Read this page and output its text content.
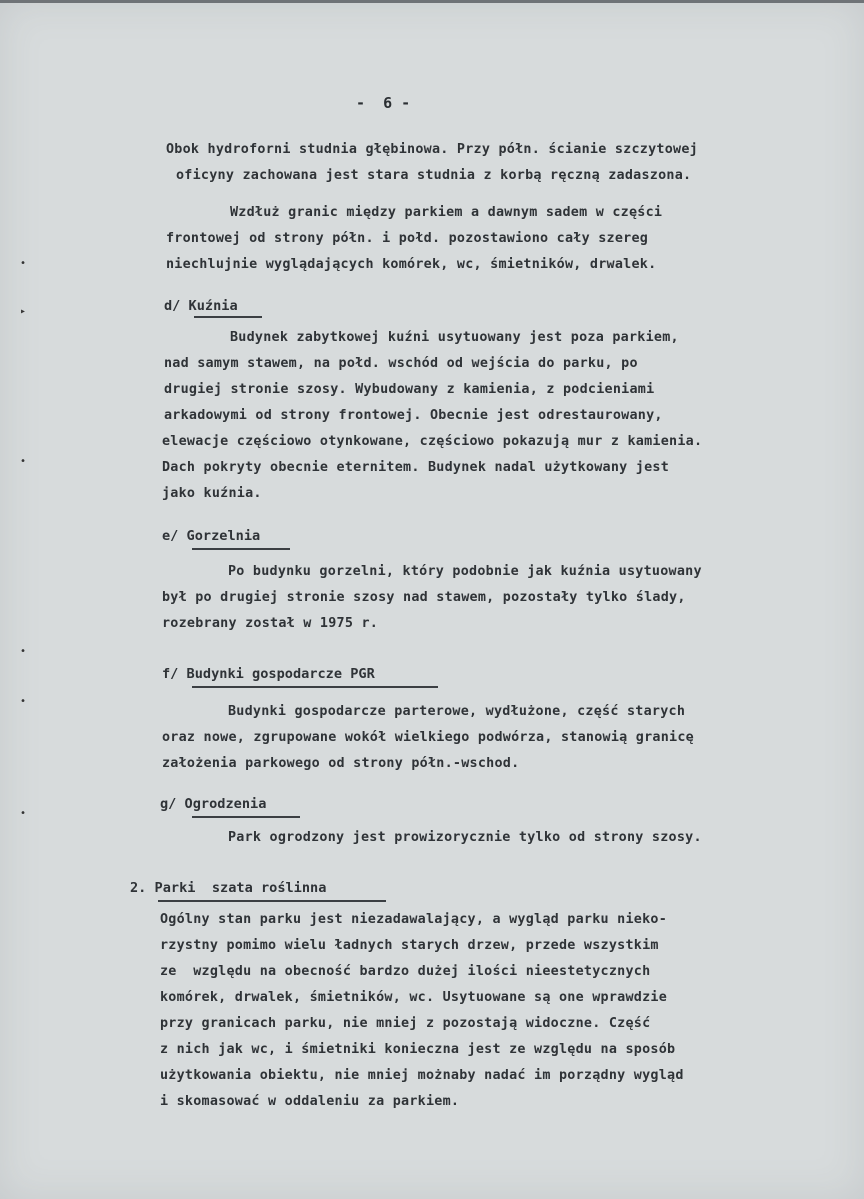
-  6 -
Obok hydroforni studnia głębinowa. Przy półn. ścianie szczytowej
oficyny zachowana jest stara studnia z korbą ręczną zadaszona.
Wzdłuż granic między parkiem a dawnym sadem w części
frontowej od strony półn. i połd. pozostawiono cały szereg
niechlujnie wyglądających komórek, wc, śmietników, drwalek.
d/ Kuźnia
Budynek zabytkowej kuźni usytuowany jest poza parkiem,
nad samym stawem, na połd. wschód od wejścia do parku, po
drugiej stronie szosy. Wybudowany z kamienia, z podcieniami
arkadowymi od strony frontowej. Obecnie jest odrestaurowany,
elewacje częściowo otynkowane, częściowo pokazują mur z kamienia.
Dach pokryty obecnie eternitem. Budynek nadal użytkowany jest
jako kuźnia.
e/ Gorzelnia
Po budynku gorzelni, który podobnie jak kuźnia usytuowany
był po drugiej stronie szosy nad stawem, pozostały tylko ślady,
rozebrany został w 1975 r.
f/ Budynki gospodarcze PGR
Budynki gospodarcze parterowe, wydłużone, część starych
oraz nowe, zgrupowane wokół wielkiego podwórza, stanowią granicę
założenia parkowego od strony półn.-wschod.
g/ Ogrodzenia
Park ogrodzony jest prowizorycznie tylko od strony szosy.
2. Parki  szata roślinna
Ogólny stan parku jest niezadawalający, a wygląd parku nieko-
rzystny pomimo wielu ładnych starych drzew, przede wszystkim
ze  względu na obecność bardzo dużej ilości nieestetycznych
komórek, drwalek, śmietników, wc. Usytuowane są one wprawdzie
przy granicach parku, nie mniej z pozostają widoczne. Część
z nich jak wc, i śmietniki konieczna jest ze względu na sposób
użytkowania obiektu, nie mniej możnaby nadać im porządny wygląd
i skomasować w oddaleniu za parkiem.
•
▸
•
•
•
•
